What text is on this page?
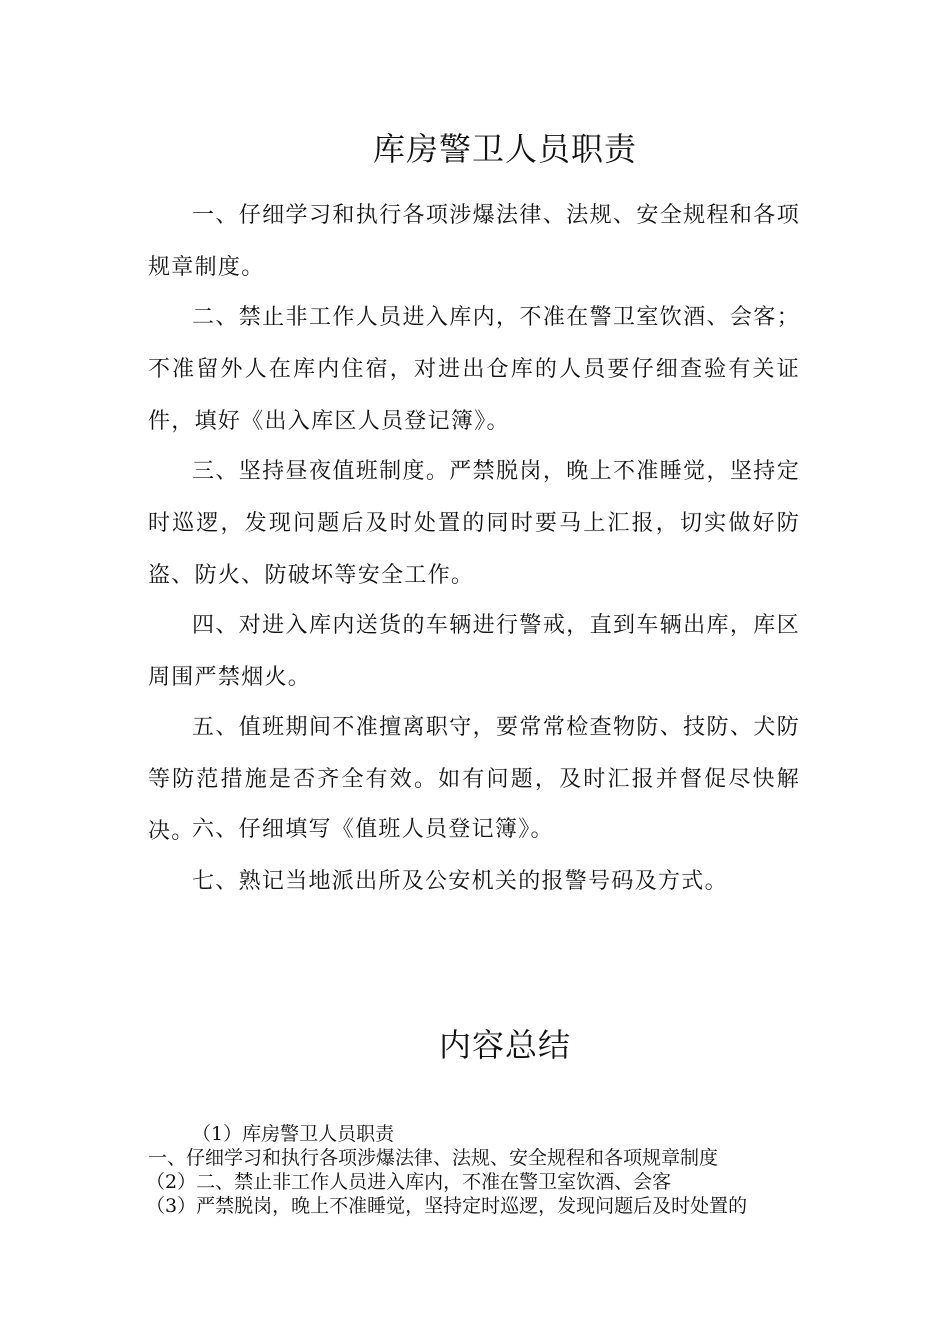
库房警卫人员职责

一、仔细学习和执行各项涉爆法律、法规、安全规程和各项规章制度。

二、禁止非工作人员进入库内，不准在警卫室饮酒、会客；不准留外人在库内住宿，对进出仓库的人员要仔细查验有关证件，填好《出入库区人员登记簿》。

三、坚持昼夜值班制度。严禁脱岗，晚上不准睡觉，坚持定时巡逻，发现问题后及时处置的同时要马上汇报，切实做好防盗、防火、防破坏等安全工作。

四、对进入库内送货的车辆进行警戒，直到车辆出库，库区周围严禁烟火。

五、值班期间不准擅离职守，要常常检查物防、技防、犬防等防范措施是否齐全有效。如有问题，及时汇报并督促尽快解决。

六、仔细填写《值班人员登记簿》。

七、熟记当地派出所及公安机关的报警号码及方式。

内容总结

（1）库房警卫人员职责

一、仔细学习和执行各项涉爆法律、法规、安全规程和各项规章制度

（2）二、禁止非工作人员进入库内，不准在警卫室饮酒、会客

（3）严禁脱岗，晚上不准睡觉，坚持定时巡逻，发现问题后及时处置的
